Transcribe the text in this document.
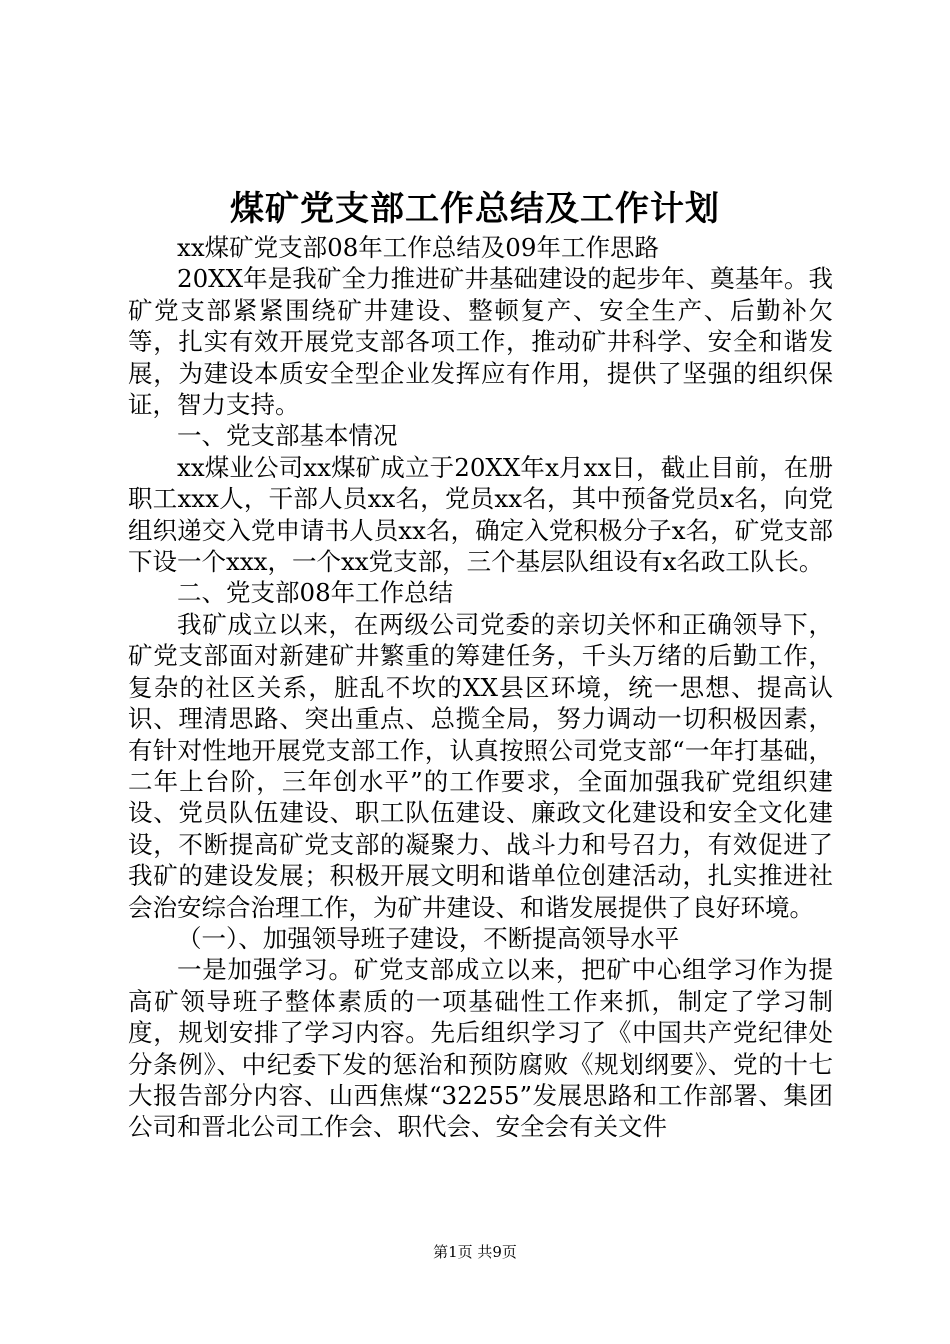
煤矿党支部工作总结及工作计划

xx煤矿党支部08年工作总结及09年工作思路

20XX年是我矿全力推进矿井基础建设的起步年、奠基年。我矿党支部紧紧围绕矿井建设、整顿复产、安全生产、后勤补欠等，扎实有效开展党支部各项工作，推动矿井科学、安全和谐发展，为建设本质安全型企业发挥应有作用，提供了坚强的组织保证，智力支持。

一、党支部基本情况

xx煤业公司xx煤矿成立于20XX年x月xx日，截止目前，在册职工xxx人，干部人员xx名，党员xx名，其中预备党员x名，向党组织递交入党申请书人员xx名，确定入党积极分子x名，矿党支部下设一个xxx，一个xx党支部，三个基层队组设有x名政工队长。

二、党支部08年工作总结

我矿成立以来，在两级公司党委的亲切关怀和正确领导下，矿党支部面对新建矿井繁重的筹建任务，千头万绪的后勤工作，复杂的社区关系，脏乱不坎的XX县区环境，统一思想、提高认识、理清思路、突出重点、总揽全局，努力调动一切积极因素，有针对性地开展党支部工作，认真按照公司党支部“一年打基础，二年上台阶，三年创水平”的工作要求，全面加强我矿党组织建设、党员队伍建设、职工队伍建设、廉政文化建设和安全文化建设，不断提高矿党支部的凝聚力、战斗力和号召力，有效促进了我矿的建设发展；积极开展文明和谐单位创建活动，扎实推进社会治安综合治理工作，为矿井建设、和谐发展提供了良好环境。

（一）、加强领导班子建设，不断提高领导水平

一是加强学习。矿党支部成立以来，把矿中心组学习作为提高矿领导班子整体素质的一项基础性工作来抓，制定了学习制度，规划安排了学习内容。先后组织学习了《中国共产党纪律处分条例》、中纪委下发的惩治和预防腐败《规划纲要》、党的十七大报告部分内容、山西焦煤“32255”发展思路和工作部署、集团公司和晋北公司工作会、职代会、安全会有关文件

第1页 共9页
